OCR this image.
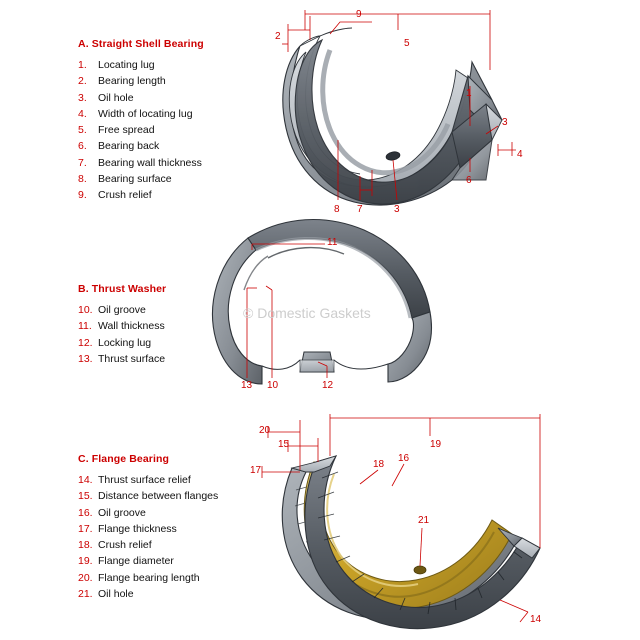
9
2
5
1
3
4
6
8 7	3
11
13 10	12
20
15	19
17
18
16
21
14
A. Straight Shell Bearing
1.	Locating lug
2.	Bearing length
3.	Oil hole
4.	Width of locating lug
5.	Free spread
6.	Bearing back
7.	Bearing wall thickness
8.	Bearing surface
9.	Crush relief
B. Thrust Washer
10. Oil groove
11. Wall thickness
12. Locking lug
13. Thrust surface
C. Flange Bearing
14. Thrust surface relief
15. Distance between flanges
16. Oil groove
17. Flange thickness
18. Crush relief
19. Flange diameter
20. Flange bearing length
21. Oil hole
© Domestic Gaskets
